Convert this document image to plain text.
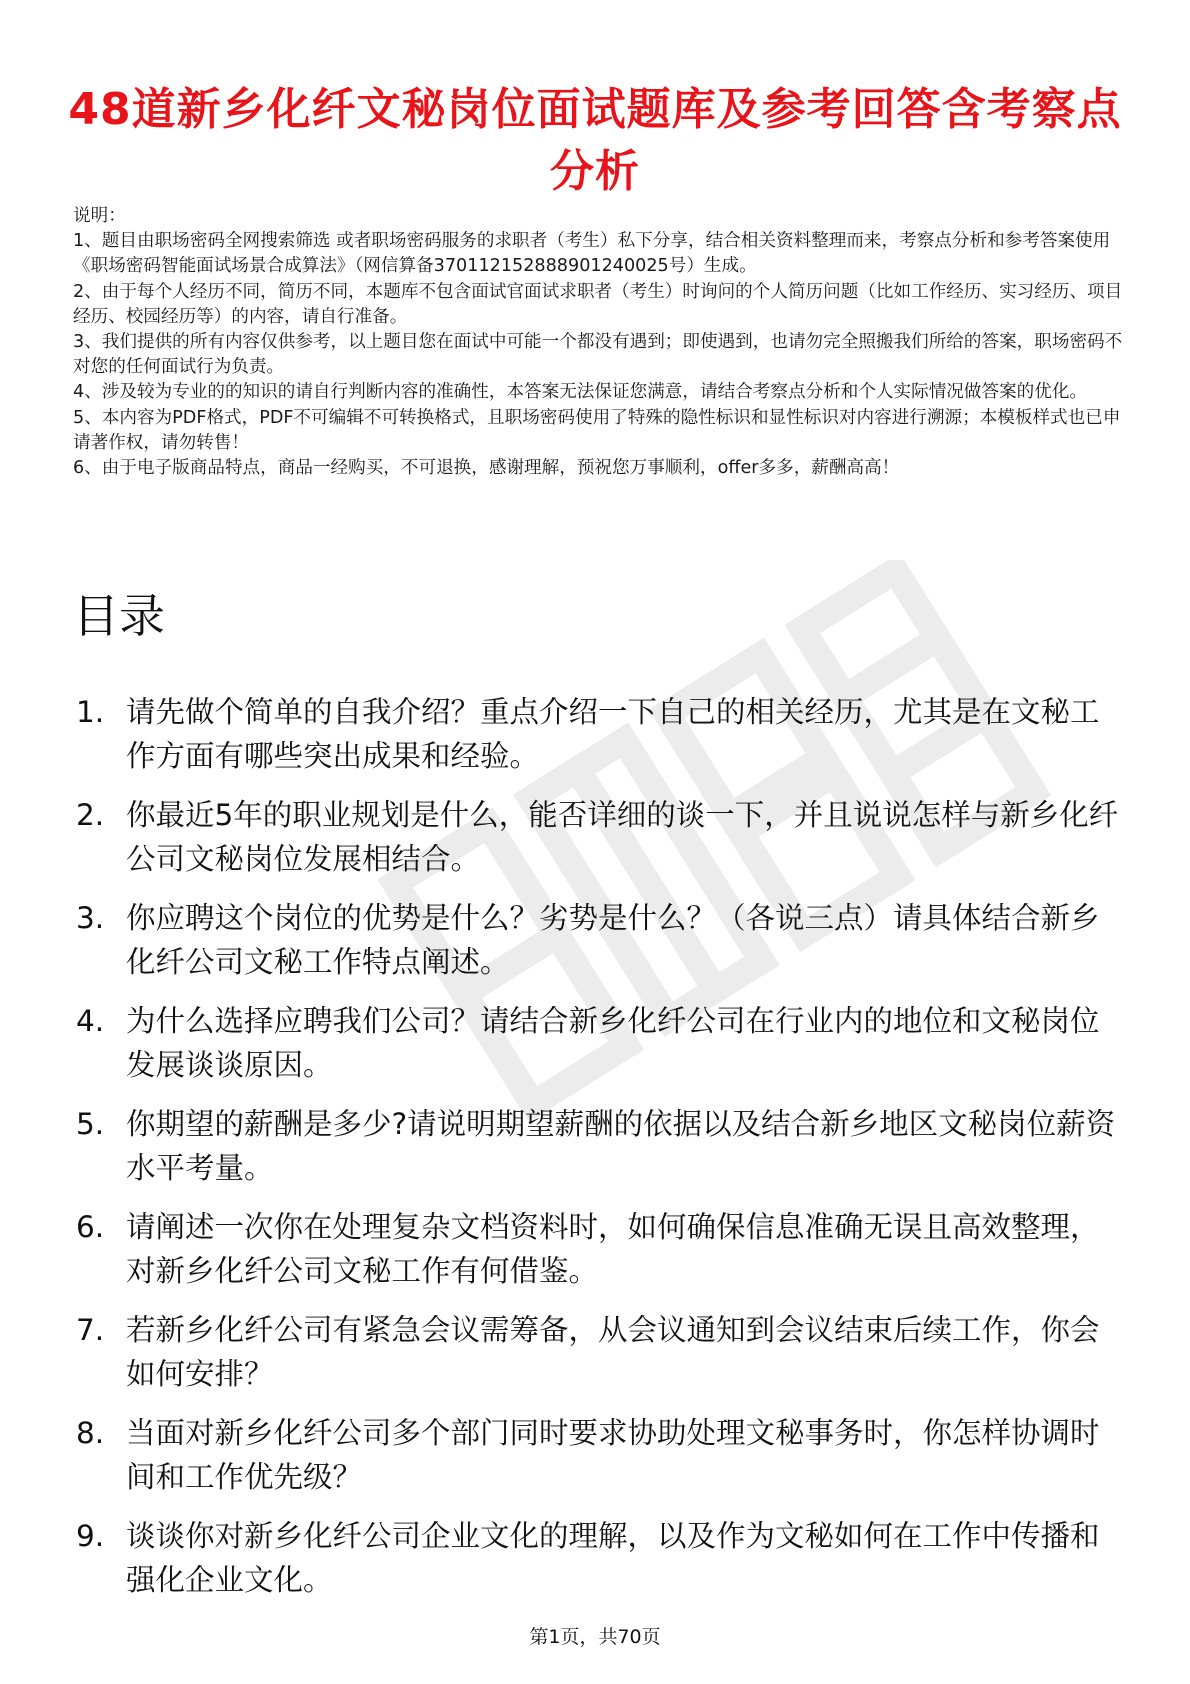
48道新乡化纤文秘岗位面试题库及参考回答含考察点分析

说明：

1、题目由职场密码全网搜索筛选 或者职场密码服务的求职者（考生）私下分享，结合相关资料整理而来，考察点分析和参考答案使用《职场密码智能面试场景合成算法》（网信算备370112152888901240025号）生成。

2、由于每个人经历不同，简历不同，本题库不包含面试官面试求职者（考生）时询问的个人简历问题（比如工作经历、实习经历、项目经历、校园经历等）的内容，请自行准备。

3、我们提供的所有内容仅供参考，以上题目您在面试中可能一个都没有遇到；即使遇到，也请勿完全照搬我们所给的答案，职场密码不对您的任何面试行为负责。

4、涉及较为专业的的知识的请自行判断内容的准确性，本答案无法保证您满意，请结合考察点分析和个人实际情况做答案的优化。

5、本内容为PDF格式，PDF不可编辑不可转换格式，且职场密码使用了特殊的隐性标识和显性标识对内容进行溯源；本模板样式也已申请著作权，请勿转售！

6、由于电子版商品特点，商品一经购买，不可退换，感谢理解，预祝您万事顺利，offer多多，薪酬高高！

目录
1. 请先做个简单的自我介绍？重点介绍一下自己的相关经历，尤其是在文秘工作方面有哪些突出成果和经验。
2. 你最近5年的职业规划是什么，能否详细的谈一下，并且说说怎样与新乡化纤公司文秘岗位发展相结合。
3. 你应聘这个岗位的优势是什么？劣势是什么？（各说三点）请具体结合新乡化纤公司文秘工作特点阐述。
4. 为什么选择应聘我们公司？请结合新乡化纤公司在行业内的地位和文秘岗位发展谈谈原因。
5. 你期望的薪酬是多少?请说明期望薪酬的依据以及结合新乡地区文秘岗位薪资水平考量。
6. 请阐述一次你在处理复杂文档资料时，如何确保信息准确无误且高效整理，对新乡化纤公司文秘工作有何借鉴。
7. 若新乡化纤公司有紧急会议需筹备，从会议通知到会议结束后续工作，你会如何安排？
8. 当面对新乡化纤公司多个部门同时要求协助处理文秘事务时，你怎样协调时间和工作优先级？
9. 谈谈你对新乡化纤公司企业文化的理解，以及作为文秘如何在工作中传播和强化企业文化。
第1页，共70页
